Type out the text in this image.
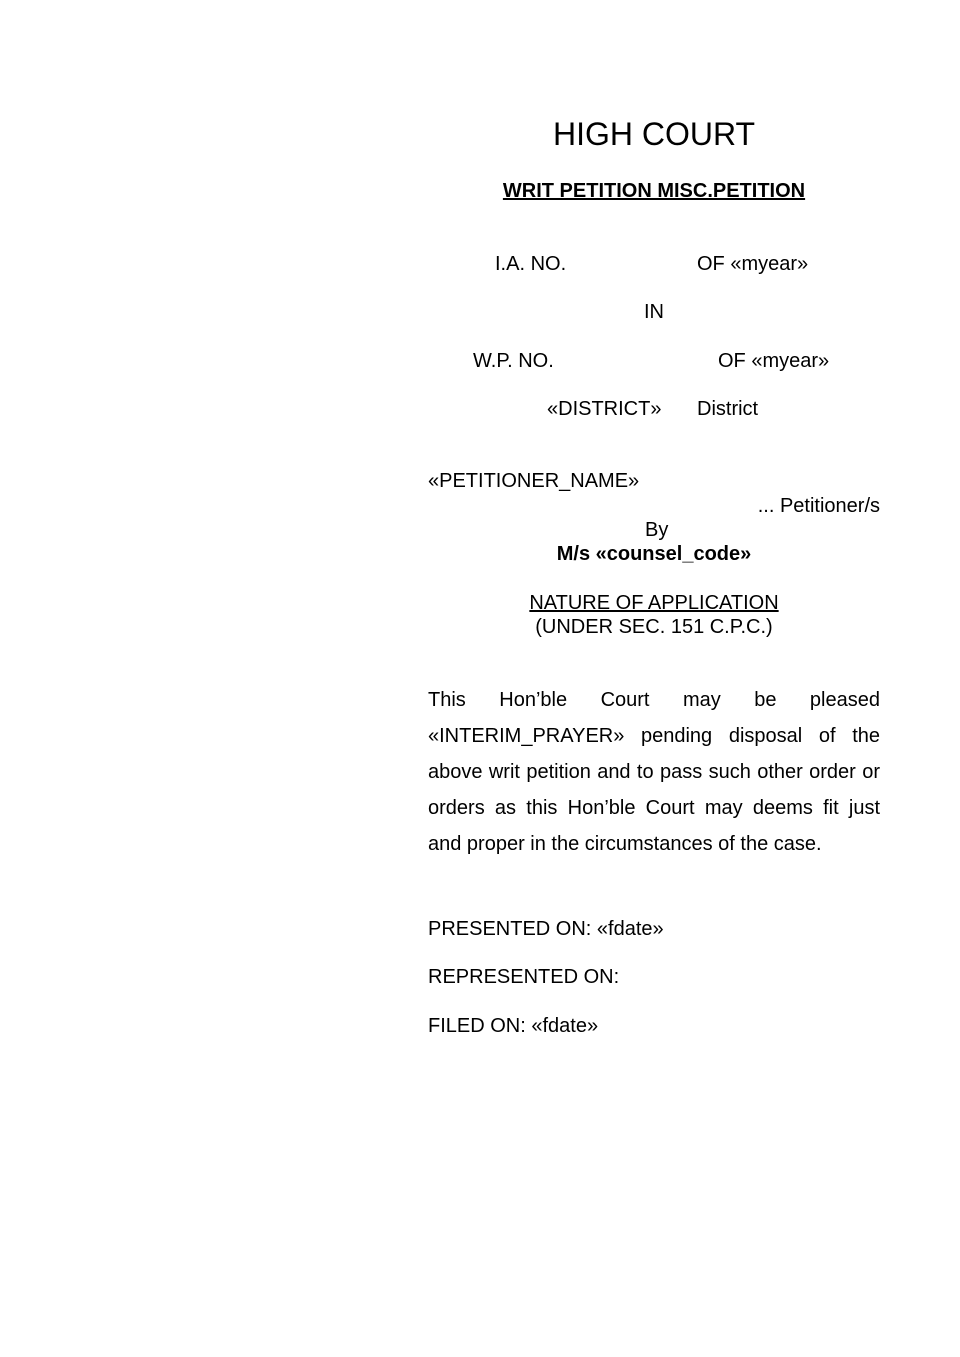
HIGH COURT
WRIT PETITION MISC.PETITION
I.A. NO.	OF «myear»
IN
W.P. NO.	OF «myear»
«DISTRICT» District
«PETITIONER_NAME»
... Petitioner/s
By
M/s «counsel_code»
NATURE OF APPLICATION
(UNDER SEC. 151 C.P.C.)

This Hon’ble Court may be pleased «INTERIM_PRAYER» pending disposal of the above writ petition and to pass such other order or orders as this Hon’ble Court may deems fit just and proper in the circumstances of the case.

PRESENTED ON: «fdate»
REPRESENTED ON:
FILED ON: «fdate»
